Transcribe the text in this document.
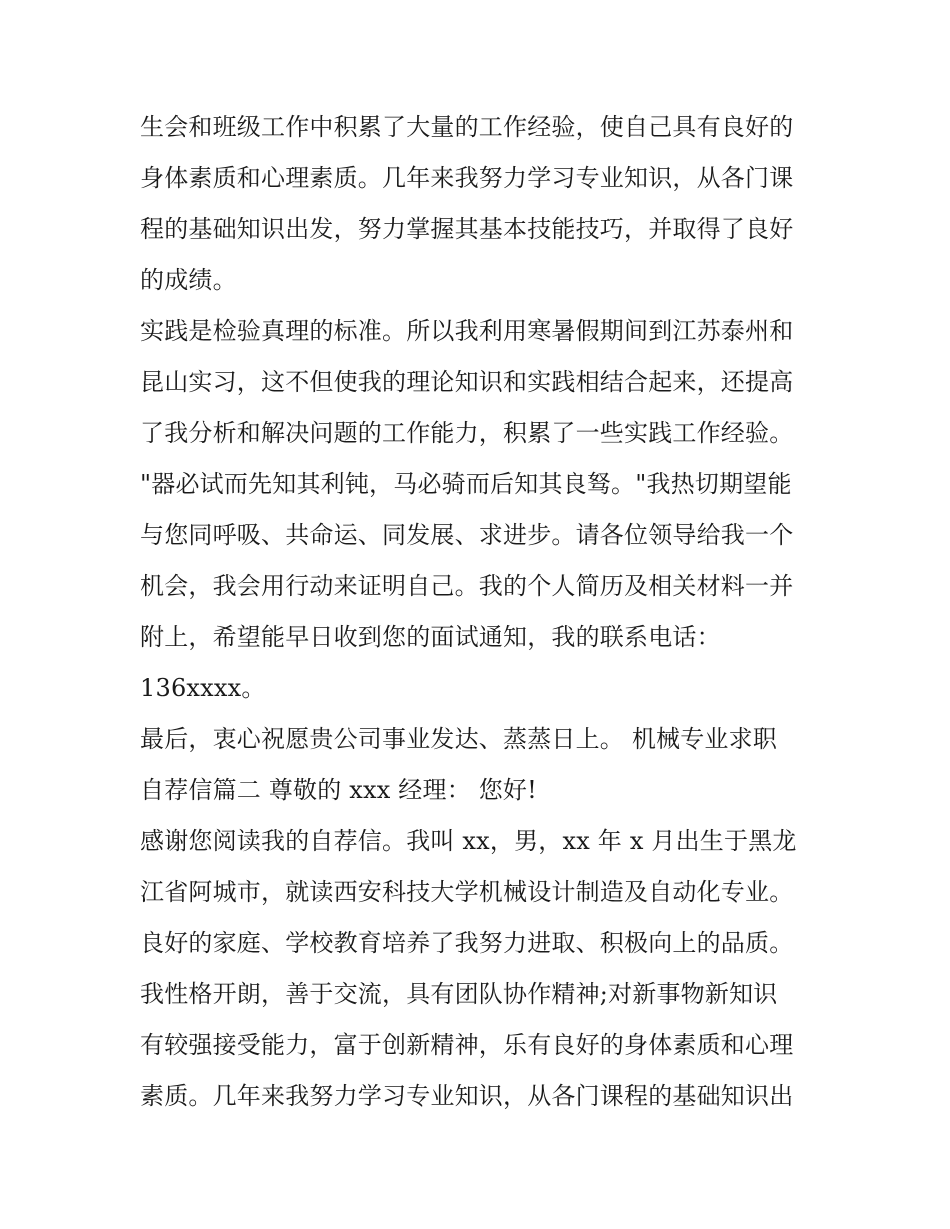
生会和班级工作中积累了大量的工作经验，使自己具有良好的
身体素质和心理素质。几年来我努力学习专业知识，从各门课
程的基础知识出发，努力掌握其基本技能技巧，并取得了良好
的成绩。
实践是检验真理的标准。所以我利用寒暑假期间到江苏泰州和
昆山实习，这不但使我的理论知识和实践相结合起来，还提高
了我分析和解决问题的工作能力，积累了一些实践工作经验。
"器必试而先知其利钝，马必骑而后知其良驽。"我热切期望能
与您同呼吸、共命运、同发展、求进步。请各位领导给我一个
机会，我会用行动来证明自己。我的个人简历及相关材料一并
附上，希望能早日收到您的面试通知，我的联系电话：
136xxxx。
最后，衷心祝愿贵公司事业发达、蒸蒸日上。 机械专业求职
自荐信篇二 尊敬的 xxx 经理： 您好!
感谢您阅读我的自荐信。我叫 xx，男，xx 年 x 月出生于黑龙
江省阿城市，就读西安科技大学机械设计制造及自动化专业。
良好的家庭、学校教育培养了我努力进取、积极向上的品质。
我性格开朗，善于交流，具有团队协作精神;对新事物新知识
有较强接受能力，富于创新精神，乐有良好的身体素质和心理
素质。几年来我努力学习专业知识，从各门课程的基础知识出
